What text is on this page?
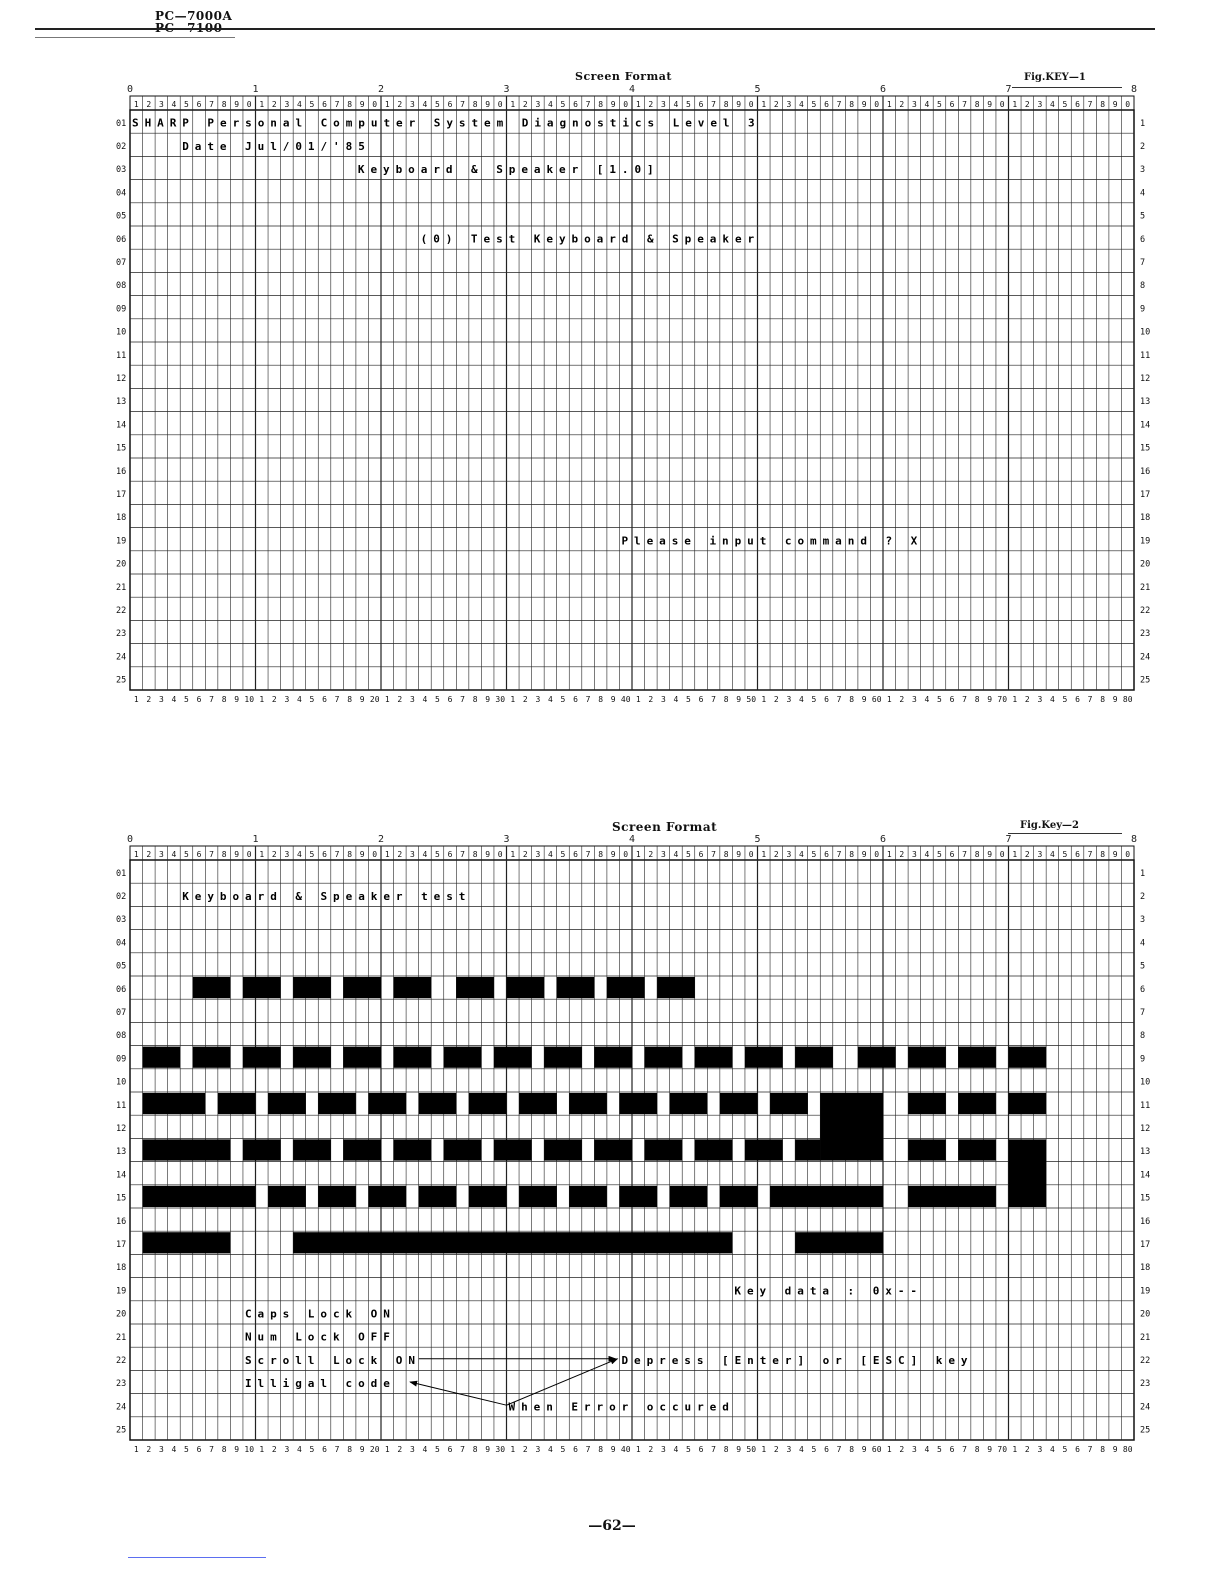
PC—7000A
Screen Format	Fig.KEY—1
0	1	2	3	4	5	6	7	8
1 2 3 4 5 6 7 8 9 0 1 2 3 4 5 6 7 8 9 0 1 2 3 4 5 6 7 8 9 0 1 2 3 4 5 6 7 8 9 0 1 2 3 4 5 6 7 8 9 0 1 2 3 4 5 6 7 8 9 0 1 2 3 4 5 6 7 8 9 0 1 2 3 4 5 6 7 8 9 0
01	1
02	2
03	3
04	4
05	5
06	6
07	7
08	8
09	9
10	10
11	11
12	12
13	13
14	14
15	15
16	16
17	17
18	18
19	19
20	20
21	21
22	22
23	23
24	24
25	25
1 2 3 4 5 6 7 8 9 10 1 2 3 4 5 6 7 8 9 20 1 2 3 4 5 6 7 8 9 30 1 2 3 4 5 6 7 8 9 40 1 2 3 4 5 6 7 8 9 50 1 2 3 4 5 6 7 8 9 60 1 2 3 4 5 6 7 8 9 70 1 2 3 4 5 6 7 8 9 80
SHARP Personal Computer System Diagnostics Level 3
Date Jul/01/'85
Keyboard & Speaker [1.0]
(0) Test Keyboard & Speaker
Please input command ? X
Screen Format	Fig.Key—2
0	1	2	3	4	5	6	7	8
1 2 3 4 5 6 7 8 9 0 1 2 3 4 5 6 7 8 9 0 1 2 3 4 5 6 7 8 9 0 1 2 3 4 5 6 7 8 9 0 1 2 3 4 5 6 7 8 9 0 1 2 3 4 5 6 7 8 9 0 1 2 3 4 5 6 7 8 9 0 1 2 3 4 5 6 7 8 9 0
01	1
02	2
03	3
04	4
05	5
06	6
07	7
08	8
09	9
10	10
11	11
12	12
13	13
14	14
15	15
16	16
17	17
18	18
19	19
20	20
21	21
22	22
23	23
24	24
25	25
1 2 3 4 5 6 7 8 9 10 1 2 3 4 5 6 7 8 9 20 1 2 3 4 5 6 7 8 9 30 1 2 3 4 5 6 7 8 9 40 1 2 3 4 5 6 7 8 9 50 1 2 3 4 5 6 7 8 9 60 1 2 3 4 5 6 7 8 9 70 1 2 3 4 5 6 7 8 9 80
Keyboard & Speaker test
Key data : 0x--
Caps Lock ON
Num Lock OFF
Scroll Lock ON	Depress [Enter] or [ESC] key
Illigal code
When Error occured
—62—
